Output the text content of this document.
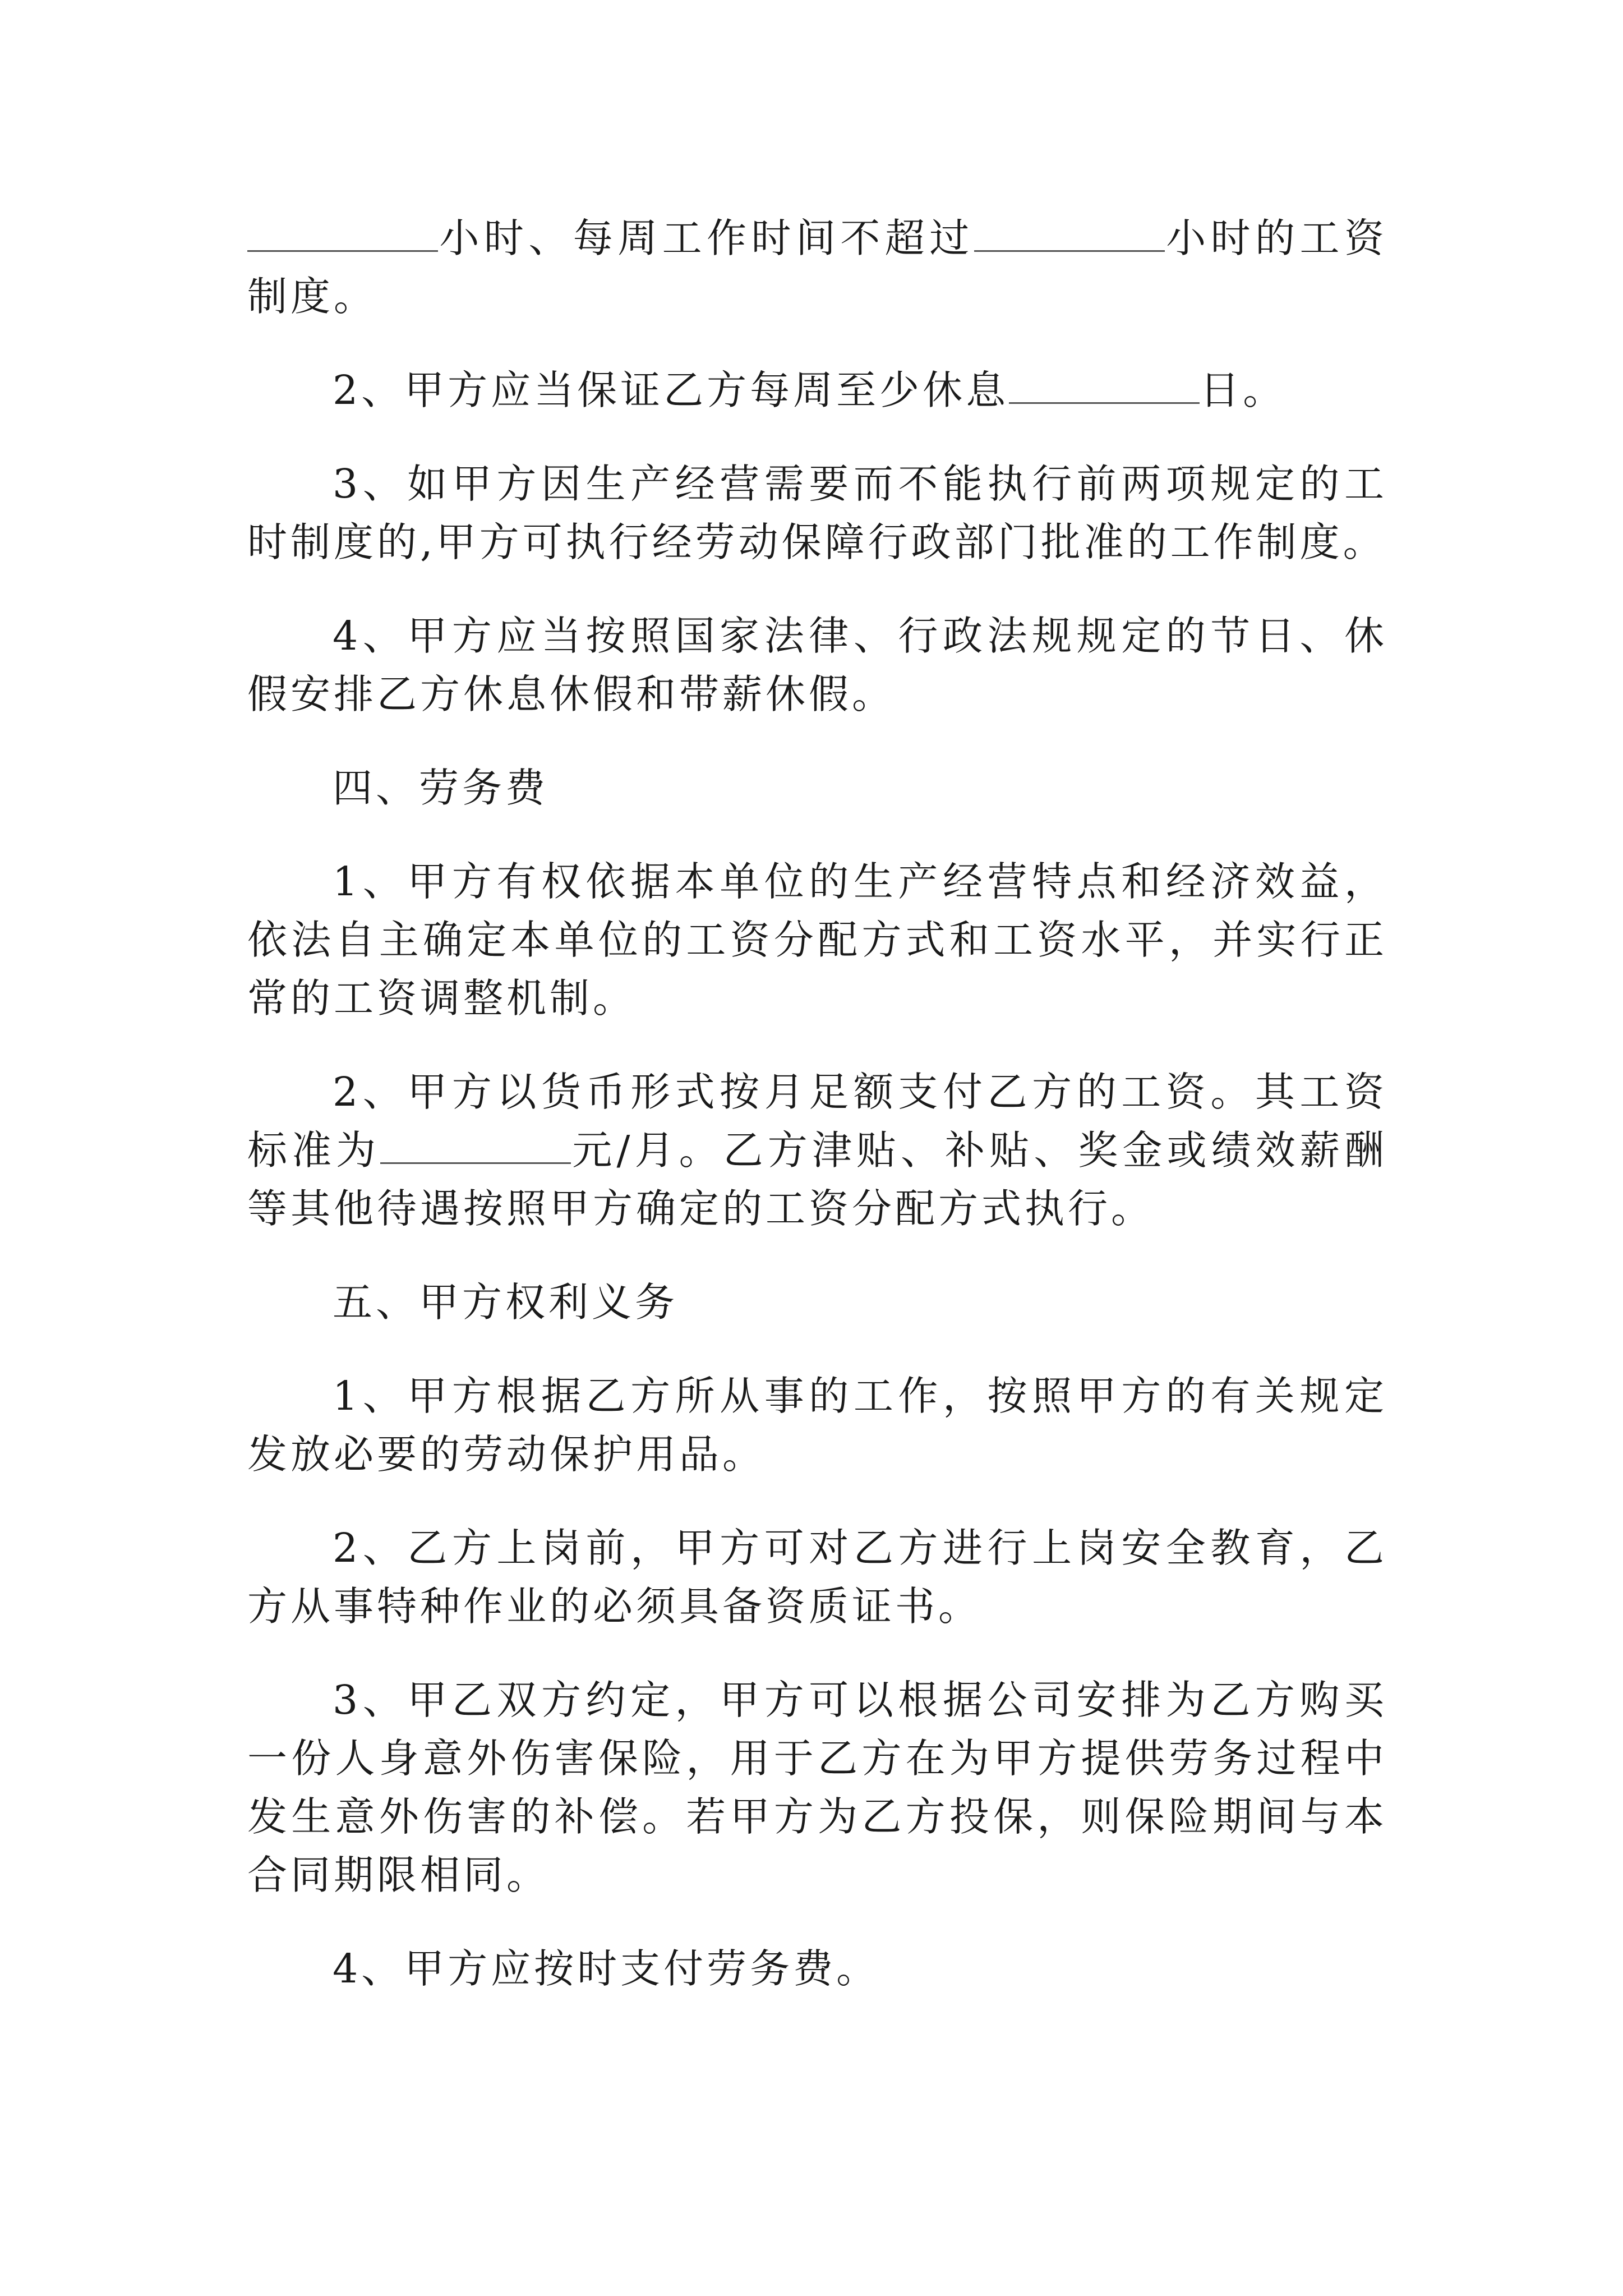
小时、每周工作时间不超过	小时的工资
制度。
2、甲方应当保证乙方每周至少休息	日。
3、如甲方因生产经营需要而不能执行前两项规定的工
时制度的,甲方可执行经劳动保障行政部门批准的工作制度。
4、甲方应当按照国家法律、行政法规规定的节日、休
假安排乙方休息休假和带薪休假。
四、劳务费
1、甲方有权依据本单位的生产经营特点和经济效益，
依法自主确定本单位的工资分配方式和工资水平，并实行正
常的工资调整机制。
2、甲方以货币形式按月足额支付乙方的工资。其工资
标准为	元/月。乙方津贴、补贴、奖金或绩效薪酬
等其他待遇按照甲方确定的工资分配方式执行。
五、甲方权利义务
1、甲方根据乙方所从事的工作，按照甲方的有关规定
发放必要的劳动保护用品。
2、乙方上岗前，甲方可对乙方进行上岗安全教育，乙
方从事特种作业的必须具备资质证书。
3、甲乙双方约定，甲方可以根据公司安排为乙方购买
一份人身意外伤害保险，用于乙方在为甲方提供劳务过程中
发生意外伤害的补偿。若甲方为乙方投保，则保险期间与本
合同期限相同。
4、甲方应按时支付劳务费。
